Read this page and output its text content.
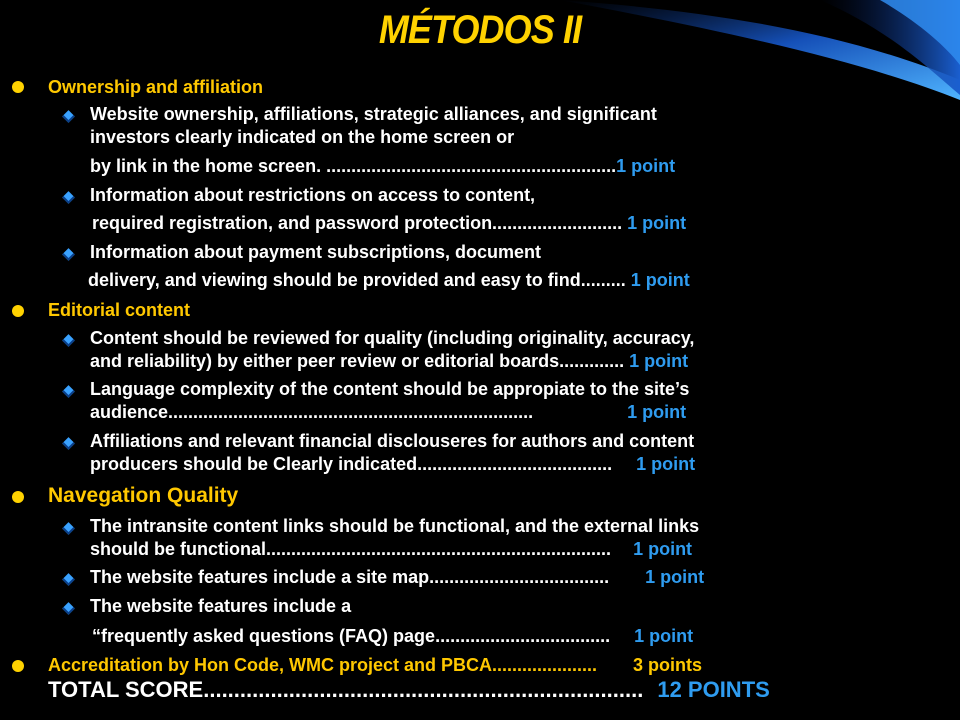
MÉTODOS II
Ownership and affiliation
Website ownership, affiliations, strategic alliances, and significant
investors clearly indicated on the home screen or
by link in the home screen. ..........................................................1 point
Information about restrictions on access to content,
required registration, and password protection.......................... 1 point
Information about payment subscriptions, document
delivery, and viewing should be provided and easy to find......... 1 point
Editorial content
Content should be reviewed for quality (including originality, accuracy,
and reliability) by either peer review or editorial boards............. 1 point
Language complexity of the content should be appropiate to the site’s
audience.........................................................................	1 point
Affiliations and relevant financial disclouseres for authors and content
producers should be Clearly indicated....................................... 1 point
Navegation Quality
The intransite content links should be functional, and the external links
should be functional..................................................................... 1 point
The website features include a site map.................................... 1 point
The website features include a
“frequently asked questions (FAQ) page................................... 1 point
Accreditation by Hon Code, WMC project and PBCA..................... 3 points
TOTAL SCORE........................................................................ 12 POINTS
